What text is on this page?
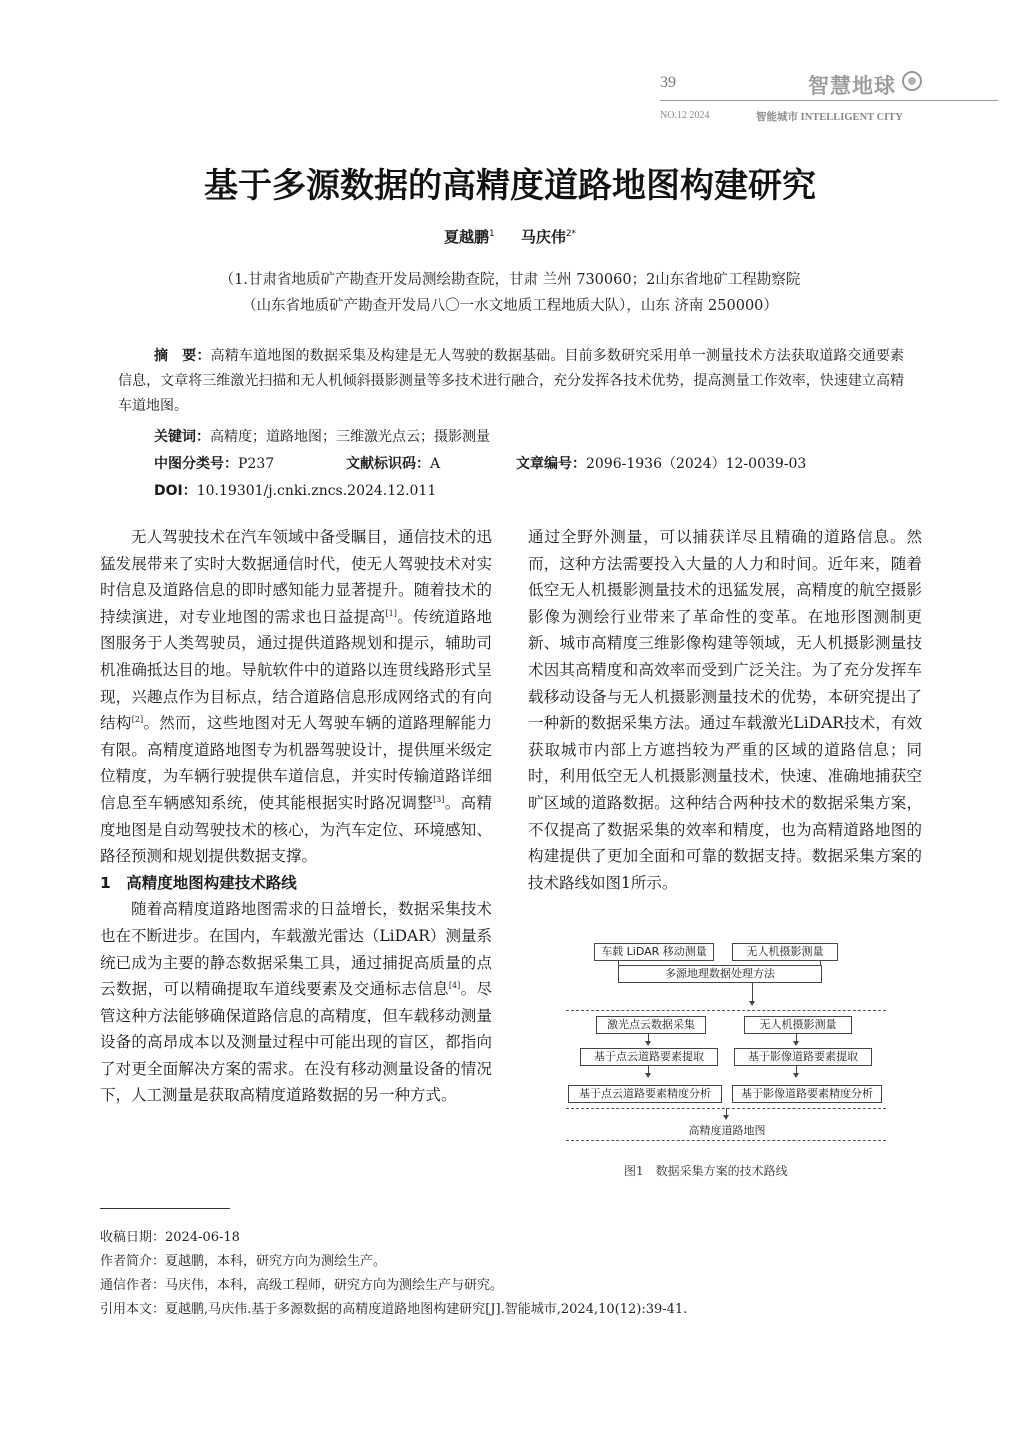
39	智慧地球
NO.12 2024	智能城市 INTELLIGENT CITY
基于多源数据的高精度道路地图构建研究
夏越鹏$^1$ 马庆伟$^{2*}$
（1.甘肃省地质矿产勘查开发局测绘勘查院，甘肃 兰州 730060；2山东省地矿工程勘察院
（山东省地质矿产勘查开发局八〇一水文地质工程地质大队），山东 济南 250000）
摘　要：高精车道地图的数据采集及构建是无人驾驶的数据基础。目前多数研究采用单一测量技术方法获取道路交通要素信息，文章将三维激光扫描和无人机倾斜摄影测量等多技术进行融合，充分发挥各技术优势，提高测量工作效率，快速建立高精车道地图。
关键词：高精度；道路地图；三维激光点云；摄影测量
中图分类号：P237	文献标识码：A	文章编号：2096-1936（2024）12-0039-03
DOI：10.19301/j.cnki.zncs.2024.12.011

无人驾驶技术在汽车领域中备受瞩目，通信技术的迅猛发展带来了实时大数据通信时代，使无人驾驶技术对实时信息及道路信息的即时感知能力显著提升。随着技术的持续演进，对专业地图的需求也日益提高[1]。传统道路地图服务于人类驾驶员，通过提供道路规划和提示，辅助司机准确抵达目的地。导航软件中的道路以连贯线路形式呈现，兴趣点作为目标点，结合道路信息形成网络式的有向结构[2]。然而，这些地图对无人驾驶车辆的道路理解能力有限。高精度道路地图专为机器驾驶设计，提供厘米级定位精度，为车辆行驶提供车道信息，并实时传输道路详细信息至车辆感知系统，使其能根据实时路况调整[3]。高精度地图是自动驾驶技术的核心，为汽车定位、环境感知、路径预测和规划提供数据支撑。

1　高精度地图构建技术路线

随着高精度道路地图需求的日益增长，数据采集技术也在不断进步。在国内，车载激光雷达（LiDAR）测量系统已成为主要的静态数据采集工具，通过捕捉高质量的点云数据，可以精确提取车道线要素及交通标志信息[4]。尽管这种方法能够确保道路信息的高精度，但车载移动测量设备的高昂成本以及测量过程中可能出现的盲区，都指向了对更全面解决方案的需求。在没有移动测量设备的情况下，人工测量是获取高精度道路数据的另一种方式。

通过全野外测量，可以捕获详尽且精确的道路信息。然而，这种方法需要投入大量的人力和时间。近年来，随着低空无人机摄影测量技术的迅猛发展，高精度的航空摄影影像为测绘行业带来了革命性的变革。在地形图测制更新、城市高精度三维影像构建等领域，无人机摄影测量技术因其高精度和高效率而受到广泛关注。为了充分发挥车载移动设备与无人机摄影测量技术的优势，本研究提出了一种新的数据采集方法。通过车载激光LiDAR技术，有效获取城市内部上方遮挡较为严重的区域的道路信息；同时，利用低空无人机摄影测量技术，快速、准确地捕获空旷区域的道路数据。这种结合两种技术的数据采集方案，不仅提高了数据采集的效率和精度，也为高精道路地图的构建提供了更加全面和可靠的数据支持。数据采集方案的技术路线如图1所示。

车载 LiDAR 移动测量	无人机摄影测量
多源地理数据处理方法
激光点云数据采集	无人机摄影测量
基于点云道路要素提取	基于影像道路要素提取
基于点云道路要素精度分析	基于影像道路要素精度分析
高精度道路地图
图1　数据采集方案的技术路线
收稿日期：2024-06-18
作者简介：夏越鹏，本科，研究方向为测绘生产。
通信作者：马庆伟，本科，高级工程师，研究方向为测绘生产与研究。
引用本文：夏越鹏,马庆伟.基于多源数据的高精度道路地图构建研究[J].智能城市,2024,10(12):39-41.
